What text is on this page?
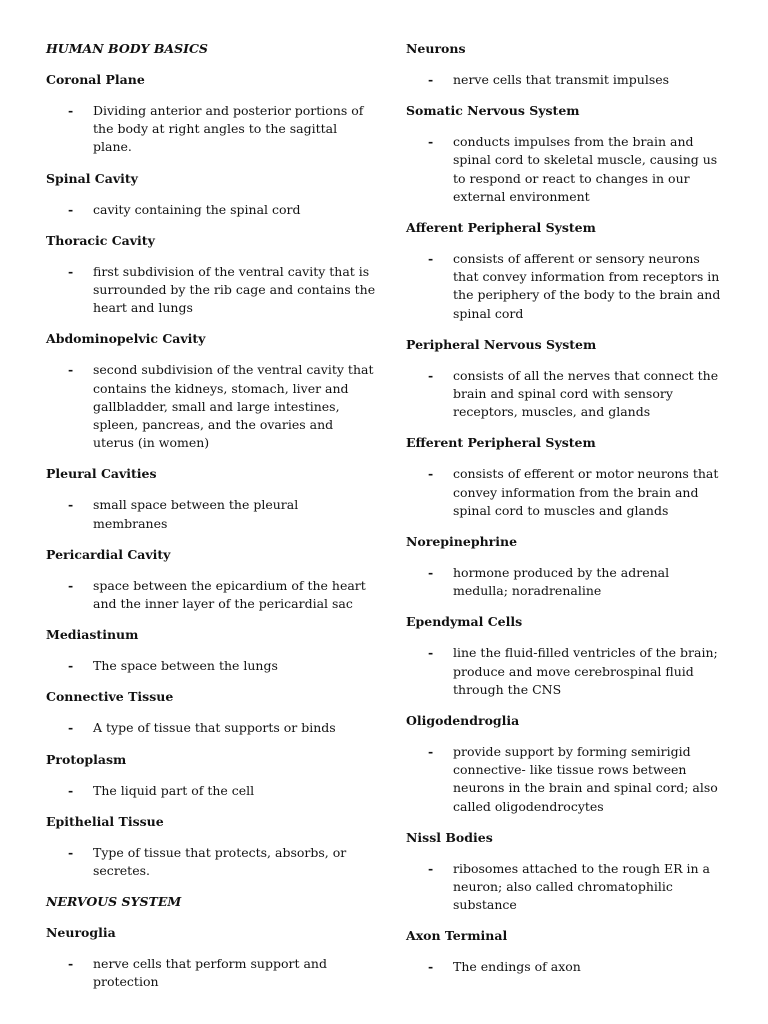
HUMAN BODY BASICS
Coronal Plane
- Dividing anterior and posterior portions of the body at right angles to the sagittal plane.
Spinal Cavity
- cavity containing the spinal cord
Thoracic Cavity
- first subdivision of the ventral cavity that is surrounded by the rib cage and contains the heart and lungs
Abdominopelvic Cavity
- second subdivision of the ventral cavity that contains the kidneys, stomach, liver and gallbladder, small and large intestines, spleen, pancreas, and the ovaries and uterus (in women)
Pleural Cavities
- small space between the pleural membranes
Pericardial Cavity
- space between the epicardium of the heart and the inner layer of the pericardial sac
Mediastinum
- The space between the lungs
Connective Tissue
- A type of tissue that supports or binds
Protoplasm
- The liquid part of the cell
Epithelial Tissue
- Type of tissue that protects, absorbs, or secretes.
NERVOUS SYSTEM
Neuroglia
- nerve cells that perform support and protection
Neurons
- nerve cells that transmit impulses
Somatic Nervous System
- conducts impulses from the brain and spinal cord to skeletal muscle, causing us to respond or react to changes in our external environment
Afferent Peripheral System
- consists of afferent or sensory neurons that convey information from receptors in the periphery of the body to the brain and spinal cord
Peripheral Nervous System
- consists of all the nerves that connect the brain and spinal cord with sensory receptors, muscles, and glands
Efferent Peripheral System
- consists of efferent or motor neurons that convey information from the brain and spinal cord to muscles and glands
Norepinephrine
- hormone produced by the adrenal medulla; noradrenaline
Ependymal Cells
- line the fluid-filled ventricles of the brain; produce and move cerebrospinal fluid through the CNS
Oligodendroglia
- provide support by forming semirigid connective- like tissue rows between neurons in the brain and spinal cord; also called oligodendrocytes
Nissl Bodies
- ribosomes attached to the rough ER in a neuron; also called chromatophilic substance
Axon Terminal
- The endings of axon
